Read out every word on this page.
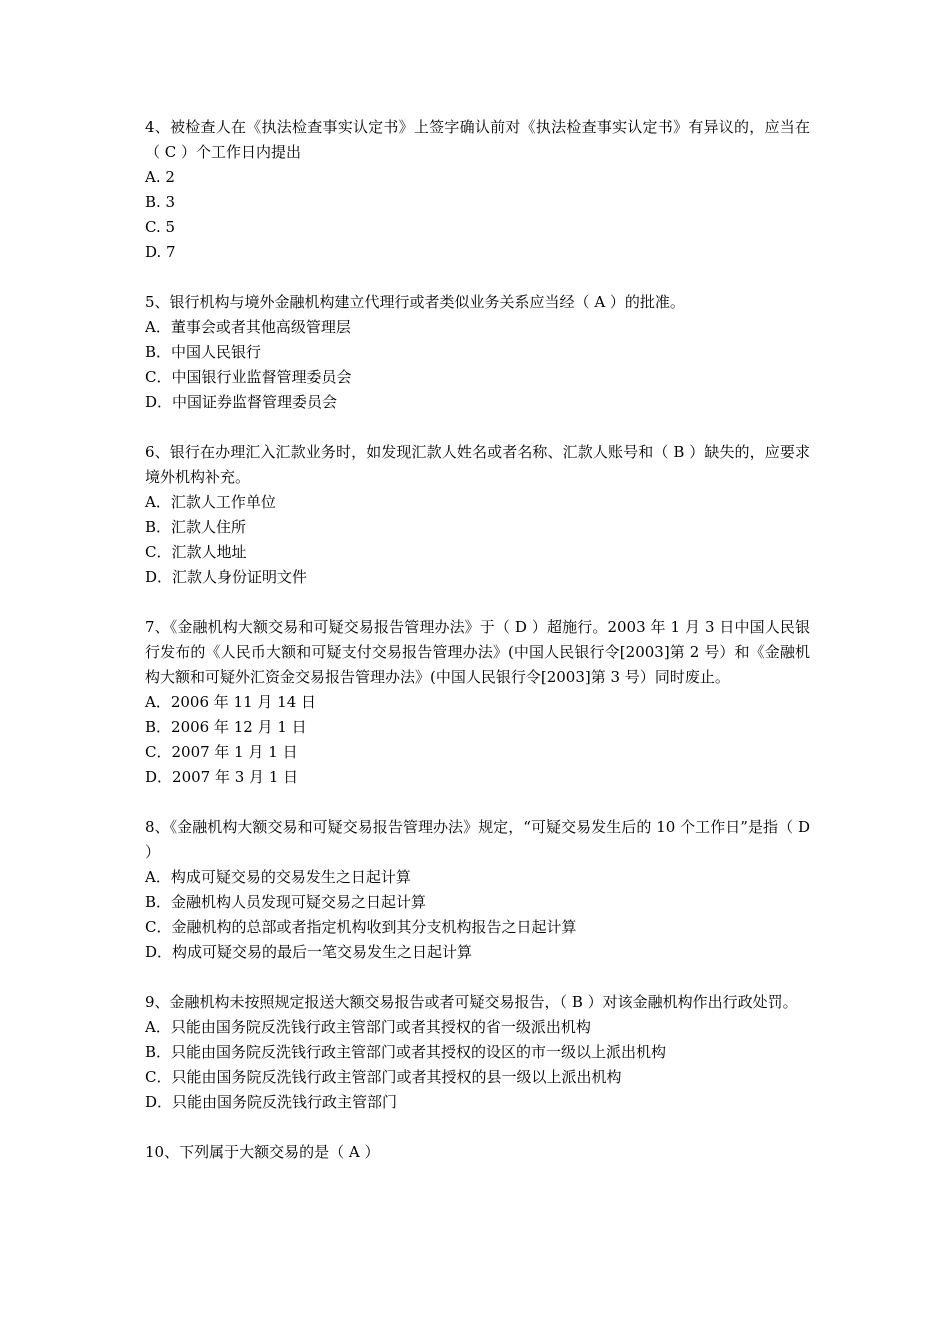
4、被检查人在《执法检查事实认定书》上签字确认前对《执法检查事实认定书》有异议的，应当在（ C ）个工作日内提出

A. 2
B. 3
C. 5
D. 7

5、银行机构与境外金融机构建立代理行或者类似业务关系应当经（ A ）的批准。

A．董事会或者其他高级管理层
B．中国人民银行
C．中国银行业监督管理委员会
D．中国证券监督管理委员会

6、银行在办理汇入汇款业务时，如发现汇款人姓名或者名称、汇款人账号和（ B ）缺失的，应要求境外机构补充。

A．汇款人工作单位
B．汇款人住所
C．汇款人地址
D．汇款人身份证明文件

7、《金融机构大额交易和可疑交易报告管理办法》于（ D ）超施行。2003 年 1 月 3 日中国人民银行发布的《人民币大额和可疑支付交易报告管理办法》(中国人民银行令[2003]第 2 号）和《金融机构大额和可疑外汇资金交易报告管理办法》(中国人民银行令[2003]第 3 号）同时废止。

A．2006 年 11 月 14 日
B．2006 年 12 月 1 日
C．2007 年 1 月 1 日
D．2007 年 3 月 1 日

8、《金融机构大额交易和可疑交易报告管理办法》规定，“可疑交易发生后的 10 个工作日”是指（ D ）

A．构成可疑交易的交易发生之日起计算
B．金融机构人员发现可疑交易之日起计算
C．金融机构的总部或者指定机构收到其分支机构报告之日起计算
D．构成可疑交易的最后一笔交易发生之日起计算

9、金融机构未按照规定报送大额交易报告或者可疑交易报告，（ B ）对该金融机构作出行政处罚。

A．只能由国务院反洗钱行政主管部门或者其授权的省一级派出机构
B．只能由国务院反洗钱行政主管部门或者其授权的设区的市一级以上派出机构
C．只能由国务院反洗钱行政主管部门或者其授权的县一级以上派出机构
D．只能由国务院反洗钱行政主管部门

10、下列属于大额交易的是（ A ）
